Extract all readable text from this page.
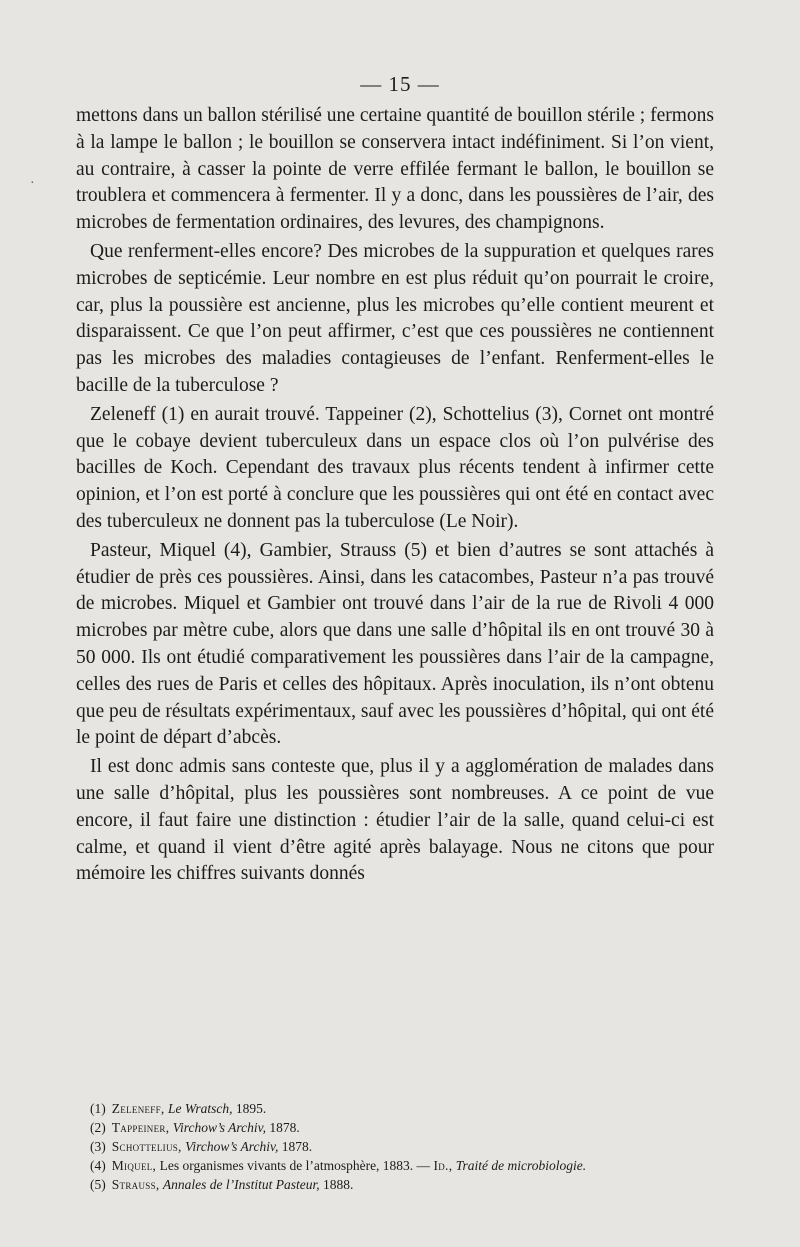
— 15 —
·

mettons dans un ballon stérilisé une certaine quantité de bouillon stérile ; fermons à la lampe le ballon ; le bouillon se conservera intact indéfiniment. Si l’on vient, au contraire, à casser la pointe de verre effilée fermant le ballon, le bouillon se troublera et commencera à fermenter. Il y a donc, dans les poussières de l’air, des microbes de fermentation ordinaires, des levures, des champignons.

Que renferment-elles encore? Des microbes de la suppuration et quelques rares microbes de septicémie. Leur nombre en est plus réduit qu’on pourrait le croire, car, plus la poussière est ancienne, plus les microbes qu’elle contient meurent et disparaissent. Ce que l’on peut affirmer, c’est que ces poussières ne contiennent pas les microbes des maladies contagieuses de l’enfant. Renferment-elles le bacille de la tuberculose ?

Zeleneff (1) en aurait trouvé. Tappeiner (2), Schottelius (3), Cornet ont montré que le cobaye devient tuberculeux dans un espace clos où l’on pulvérise des bacilles de Koch. Cependant des travaux plus récents tendent à infirmer cette opinion, et l’on est porté à conclure que les poussières qui ont été en contact avec des tuberculeux ne donnent pas la tuberculose (Le Noir).

Pasteur, Miquel (4), Gambier, Strauss (5) et bien d’autres se sont attachés à étudier de près ces poussières. Ainsi, dans les catacombes, Pasteur n’a pas trouvé de microbes. Miquel et Gambier ont trouvé dans l’air de la rue de Rivoli 4 000 microbes par mètre cube, alors que dans une salle d’hôpital ils en ont trouvé 30 à 50 000. Ils ont étudié comparativement les poussières dans l’air de la campagne, celles des rues de Paris et celles des hôpitaux. Après inoculation, ils n’ont obtenu que peu de résultats expérimentaux, sauf avec les poussières d’hôpital, qui ont été le point de départ d’abcès.

Il est donc admis sans conteste que, plus il y a agglomération de malades dans une salle d’hôpital, plus les poussières sont nombreuses. A ce point de vue encore, il faut faire une distinction : étudier l’air de la salle, quand celui-ci est calme, et quand il vient d’être agité après balayage. Nous ne citons que pour mémoire les chiffres suivants donnés

(1) Zeleneff, Le Wratsch, 1895.
(2) Tappeiner, Virchow’s Archiv, 1878.
(3) Schottelius, Virchow’s Archiv, 1878.
(4) Miquel, Les organismes vivants de l’atmosphère, 1883. — Id., Traité de microbiologie.
(5) Strauss, Annales de l’Institut Pasteur, 1888.
